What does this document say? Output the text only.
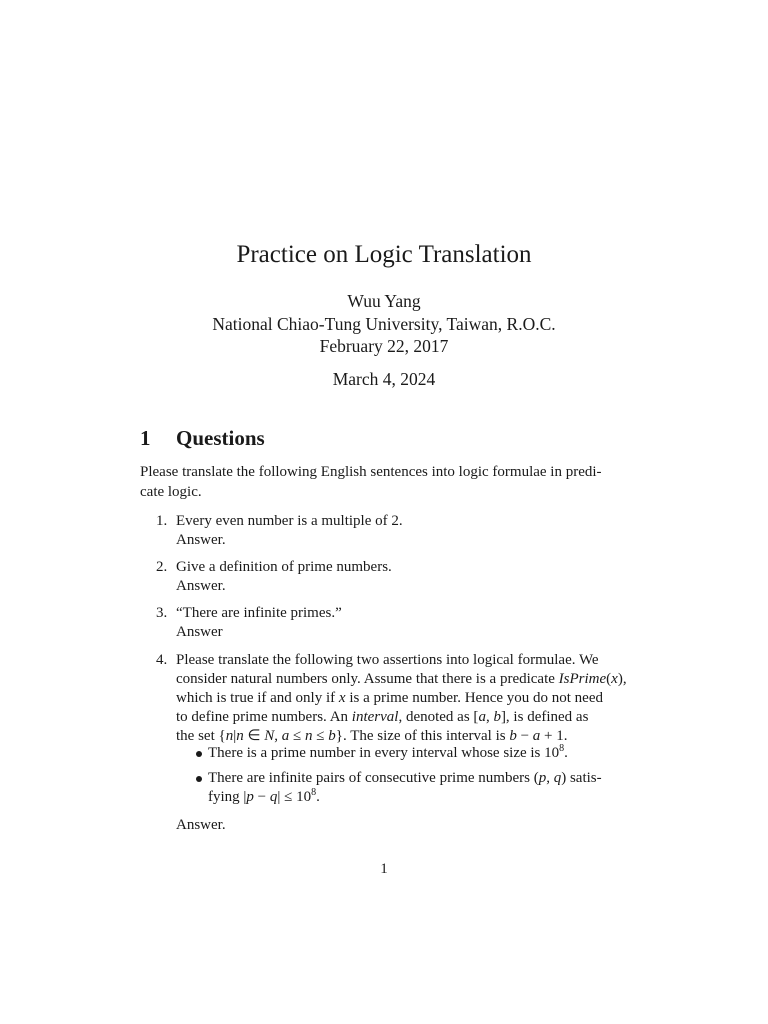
Practice on Logic Translation
Wuu Yang
National Chiao-Tung University, Taiwan, R.O.C.
February 22, 2017
March 4, 2024
1 Questions
Please translate the following English sentences into logic formulae in predi-
cate logic.
1. Every even number is a multiple of 2.
Answer.
2. Give a definition of prime numbers.
Answer.
3. “There are infinite primes.”
Answer
4. Please translate the following two assertions into logical formulae. We
consider natural numbers only. Assume that there is a predicate IsPrime(x),
which is true if and only if x is a prime number. Hence you do not need
to define prime numbers. An interval, denoted as [a, b], is defined as
the set {n|n ∈ N, a ≤ n ≤ b}. The size of this interval is b − a + 1.
There is a prime number in every interval whose size is $10^8$.
There are infinite pairs of consecutive prime numbers (p, q) satis-
fying $|p - q| \le 10^8$.
Answer.
1
